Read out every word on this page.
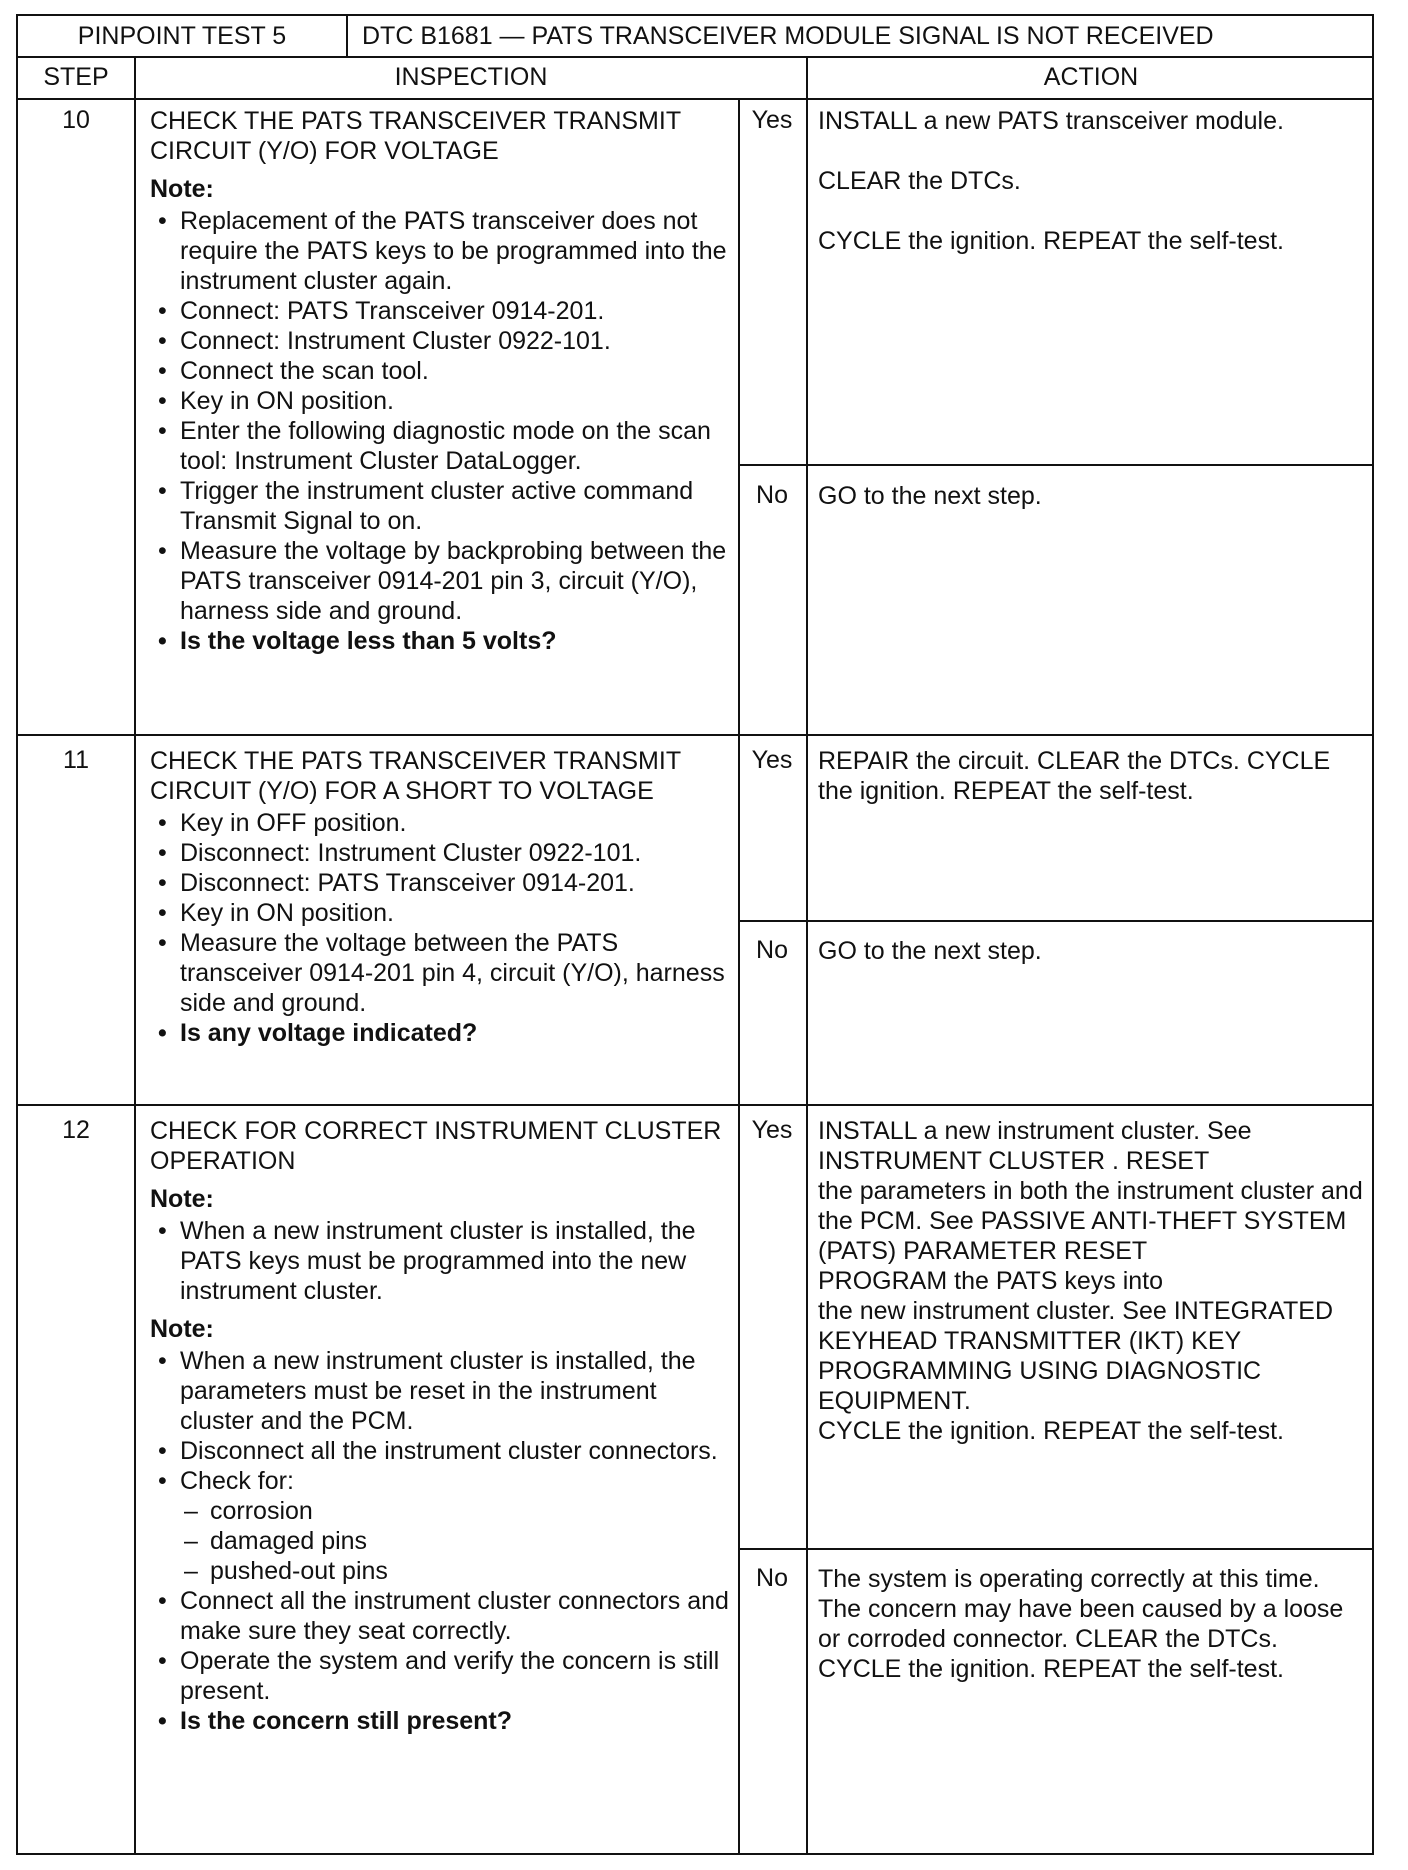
PINPOINT TEST 5	DTC B1681 — PATS TRANSCEIVER MODULE SIGNAL IS NOT RECEIVED
STEP	INSPECTION	ACTION
10	CHECK THE PATS TRANSCEIVER TRANSMIT CIRCUIT (Y/O) FOR VOLTAGE
Note:
• Replacement of the PATS transceiver does not require the PATS keys to be programmed into the instrument cluster again.
• Connect: PATS Transceiver 0914-201.
• Connect: Instrument Cluster 0922-101.
• Connect the scan tool.
• Key in ON position.
• Enter the following diagnostic mode on the scan tool: Instrument Cluster DataLogger.
• Trigger the instrument cluster active command Transmit Signal to on.
• Measure the voltage by backprobing between the PATS transceiver 0914-201 pin 3, circuit (Y/O), harness side and ground.
• Is the voltage less than 5 volts?
Yes	INSTALL a new PATS transceiver module.

CLEAR the DTCs.

CYCLE the ignition. REPEAT the self-test.

No	GO to the next step.
11	CHECK THE PATS TRANSCEIVER TRANSMIT CIRCUIT (Y/O) FOR A SHORT TO VOLTAGE
• Key in OFF position.
• Disconnect: Instrument Cluster 0922-101.
• Disconnect: PATS Transceiver 0914-201.
• Key in ON position.
• Measure the voltage between the PATS transceiver 0914-201 pin 4, circuit (Y/O), harness side and ground.
• Is any voltage indicated?
Yes	REPAIR the circuit. CLEAR the DTCs. CYCLE the ignition. REPEAT the self-test.
No	GO to the next step.
12	CHECK FOR CORRECT INSTRUMENT CLUSTER OPERATION
Note:
• When a new instrument cluster is installed, the PATS keys must be programmed into the new instrument cluster.
Note:
• When a new instrument cluster is installed, the parameters must be reset in the instrument cluster and the PCM.
• Disconnect all the instrument cluster connectors.
• Check for:
– corrosion
– damaged pins
– pushed-out pins
• Connect all the instrument cluster connectors and make sure they seat correctly.
• Operate the system and verify the concern is still present.
• Is the concern still present?
Yes	INSTALL a new instrument cluster. See INSTRUMENT CLUSTER . RESET

the parameters in both the instrument cluster and the PCM. See PASSIVE ANTI-THEFT SYSTEM (PATS) PARAMETER RESET

PROGRAM the PATS keys into

the new instrument cluster. See INTEGRATED KEYHEAD TRANSMITTER (IKT) KEY PROGRAMMING USING DIAGNOSTIC EQUIPMENT.

CYCLE the ignition. REPEAT the self-test.

No	The system is operating correctly at this time. The concern may have been caused by a loose or corroded connector. CLEAR the DTCs. CYCLE the ignition. REPEAT the self-test.
